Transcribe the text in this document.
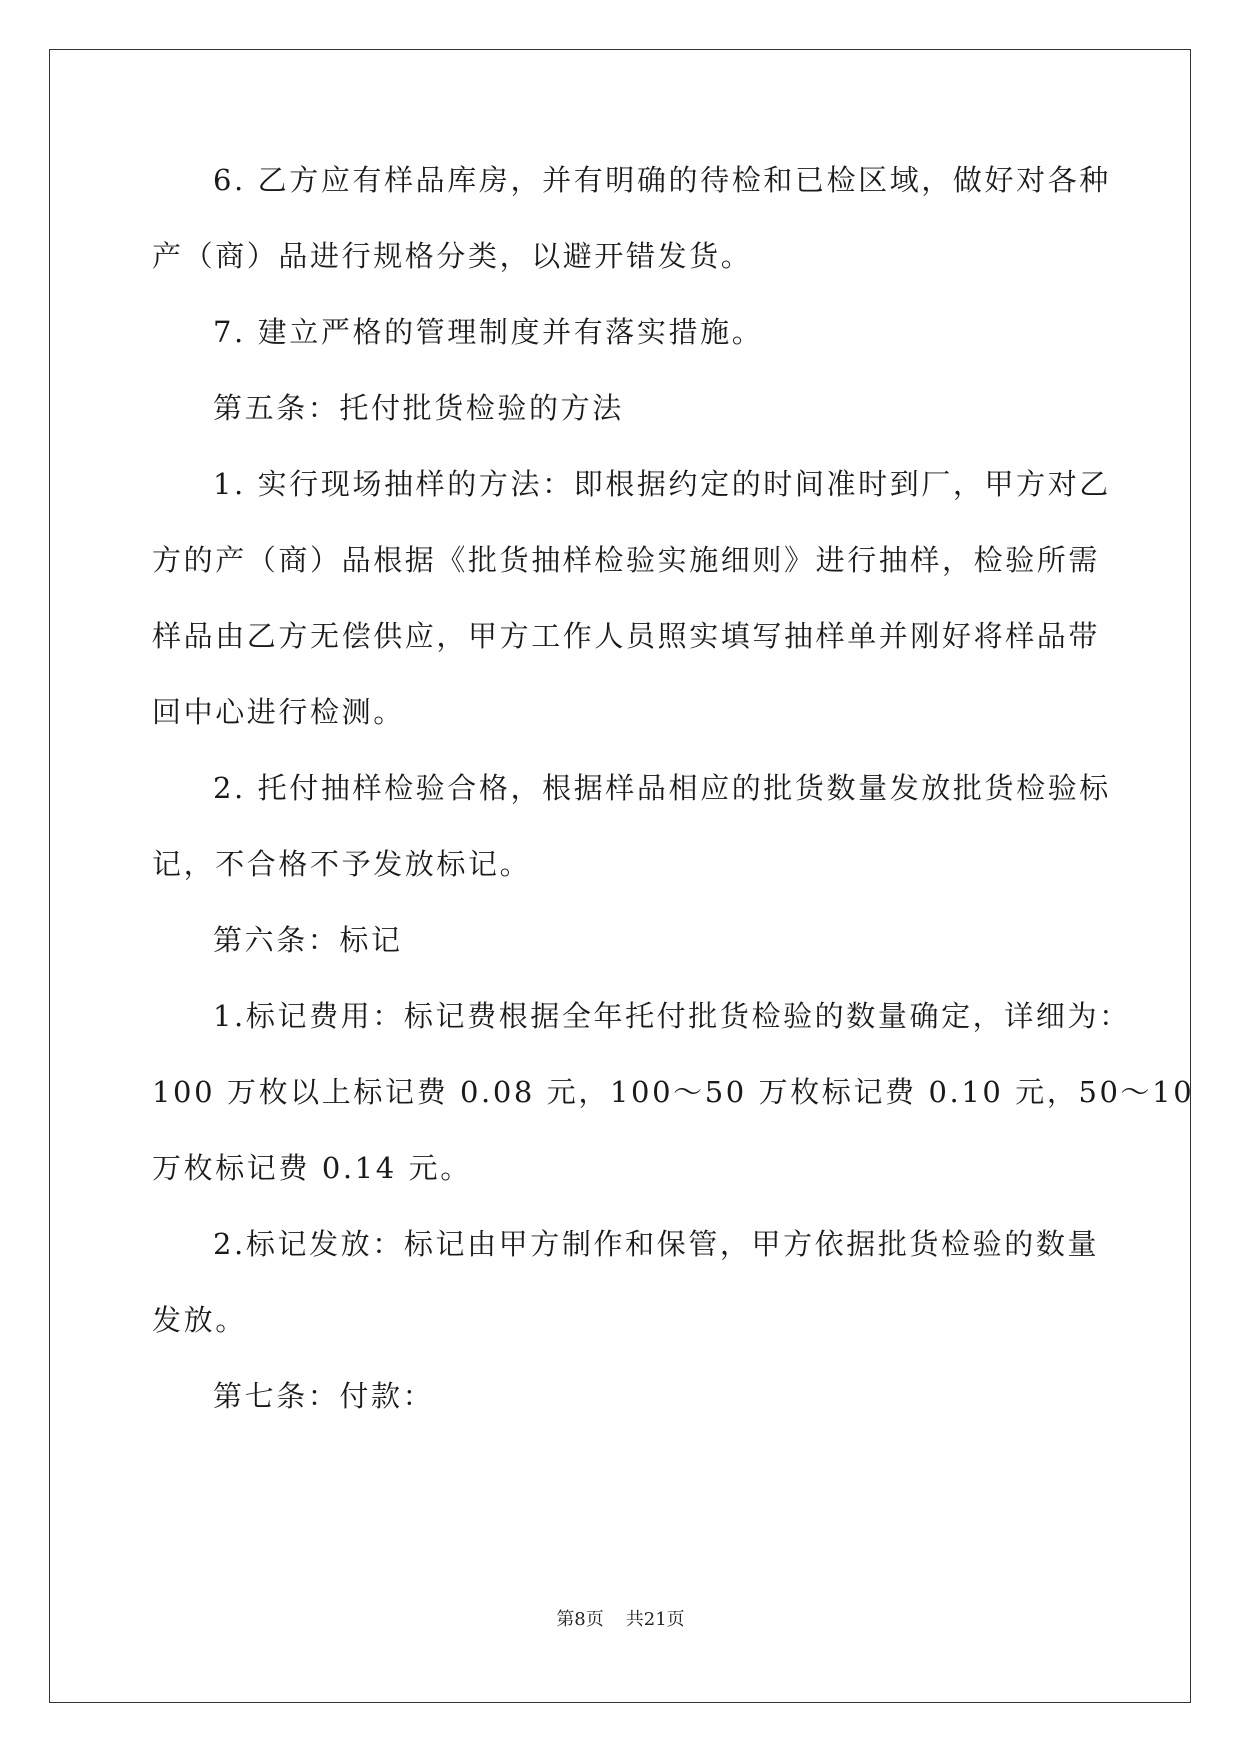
6. 乙方应有样品库房，并有明确的待检和已检区域，做好对各种
产（商）品进行规格分类，以避开错发货。
7. 建立严格的管理制度并有落实措施。
第五条：托付批货检验的方法
1. 实行现场抽样的方法：即根据约定的时间准时到厂，甲方对乙
方的产（商）品根据《批货抽样检验实施细则》进行抽样，检验所需
样品由乙方无偿供应，甲方工作人员照实填写抽样单并刚好将样品带
回中心进行检测。
2. 托付抽样检验合格，根据样品相应的批货数量发放批货检验标
记，不合格不予发放标记。
第六条：标记
1.标记费用：标记费根据全年托付批货检验的数量确定，详细为：
100 万枚以上标记费 0.08 元，100～50 万枚标记费 0.10 元，50～10
万枚标记费 0.14 元。
2.标记发放：标记由甲方制作和保管，甲方依据批货检验的数量
发放。
第七条：付款：
第8页 共21页
